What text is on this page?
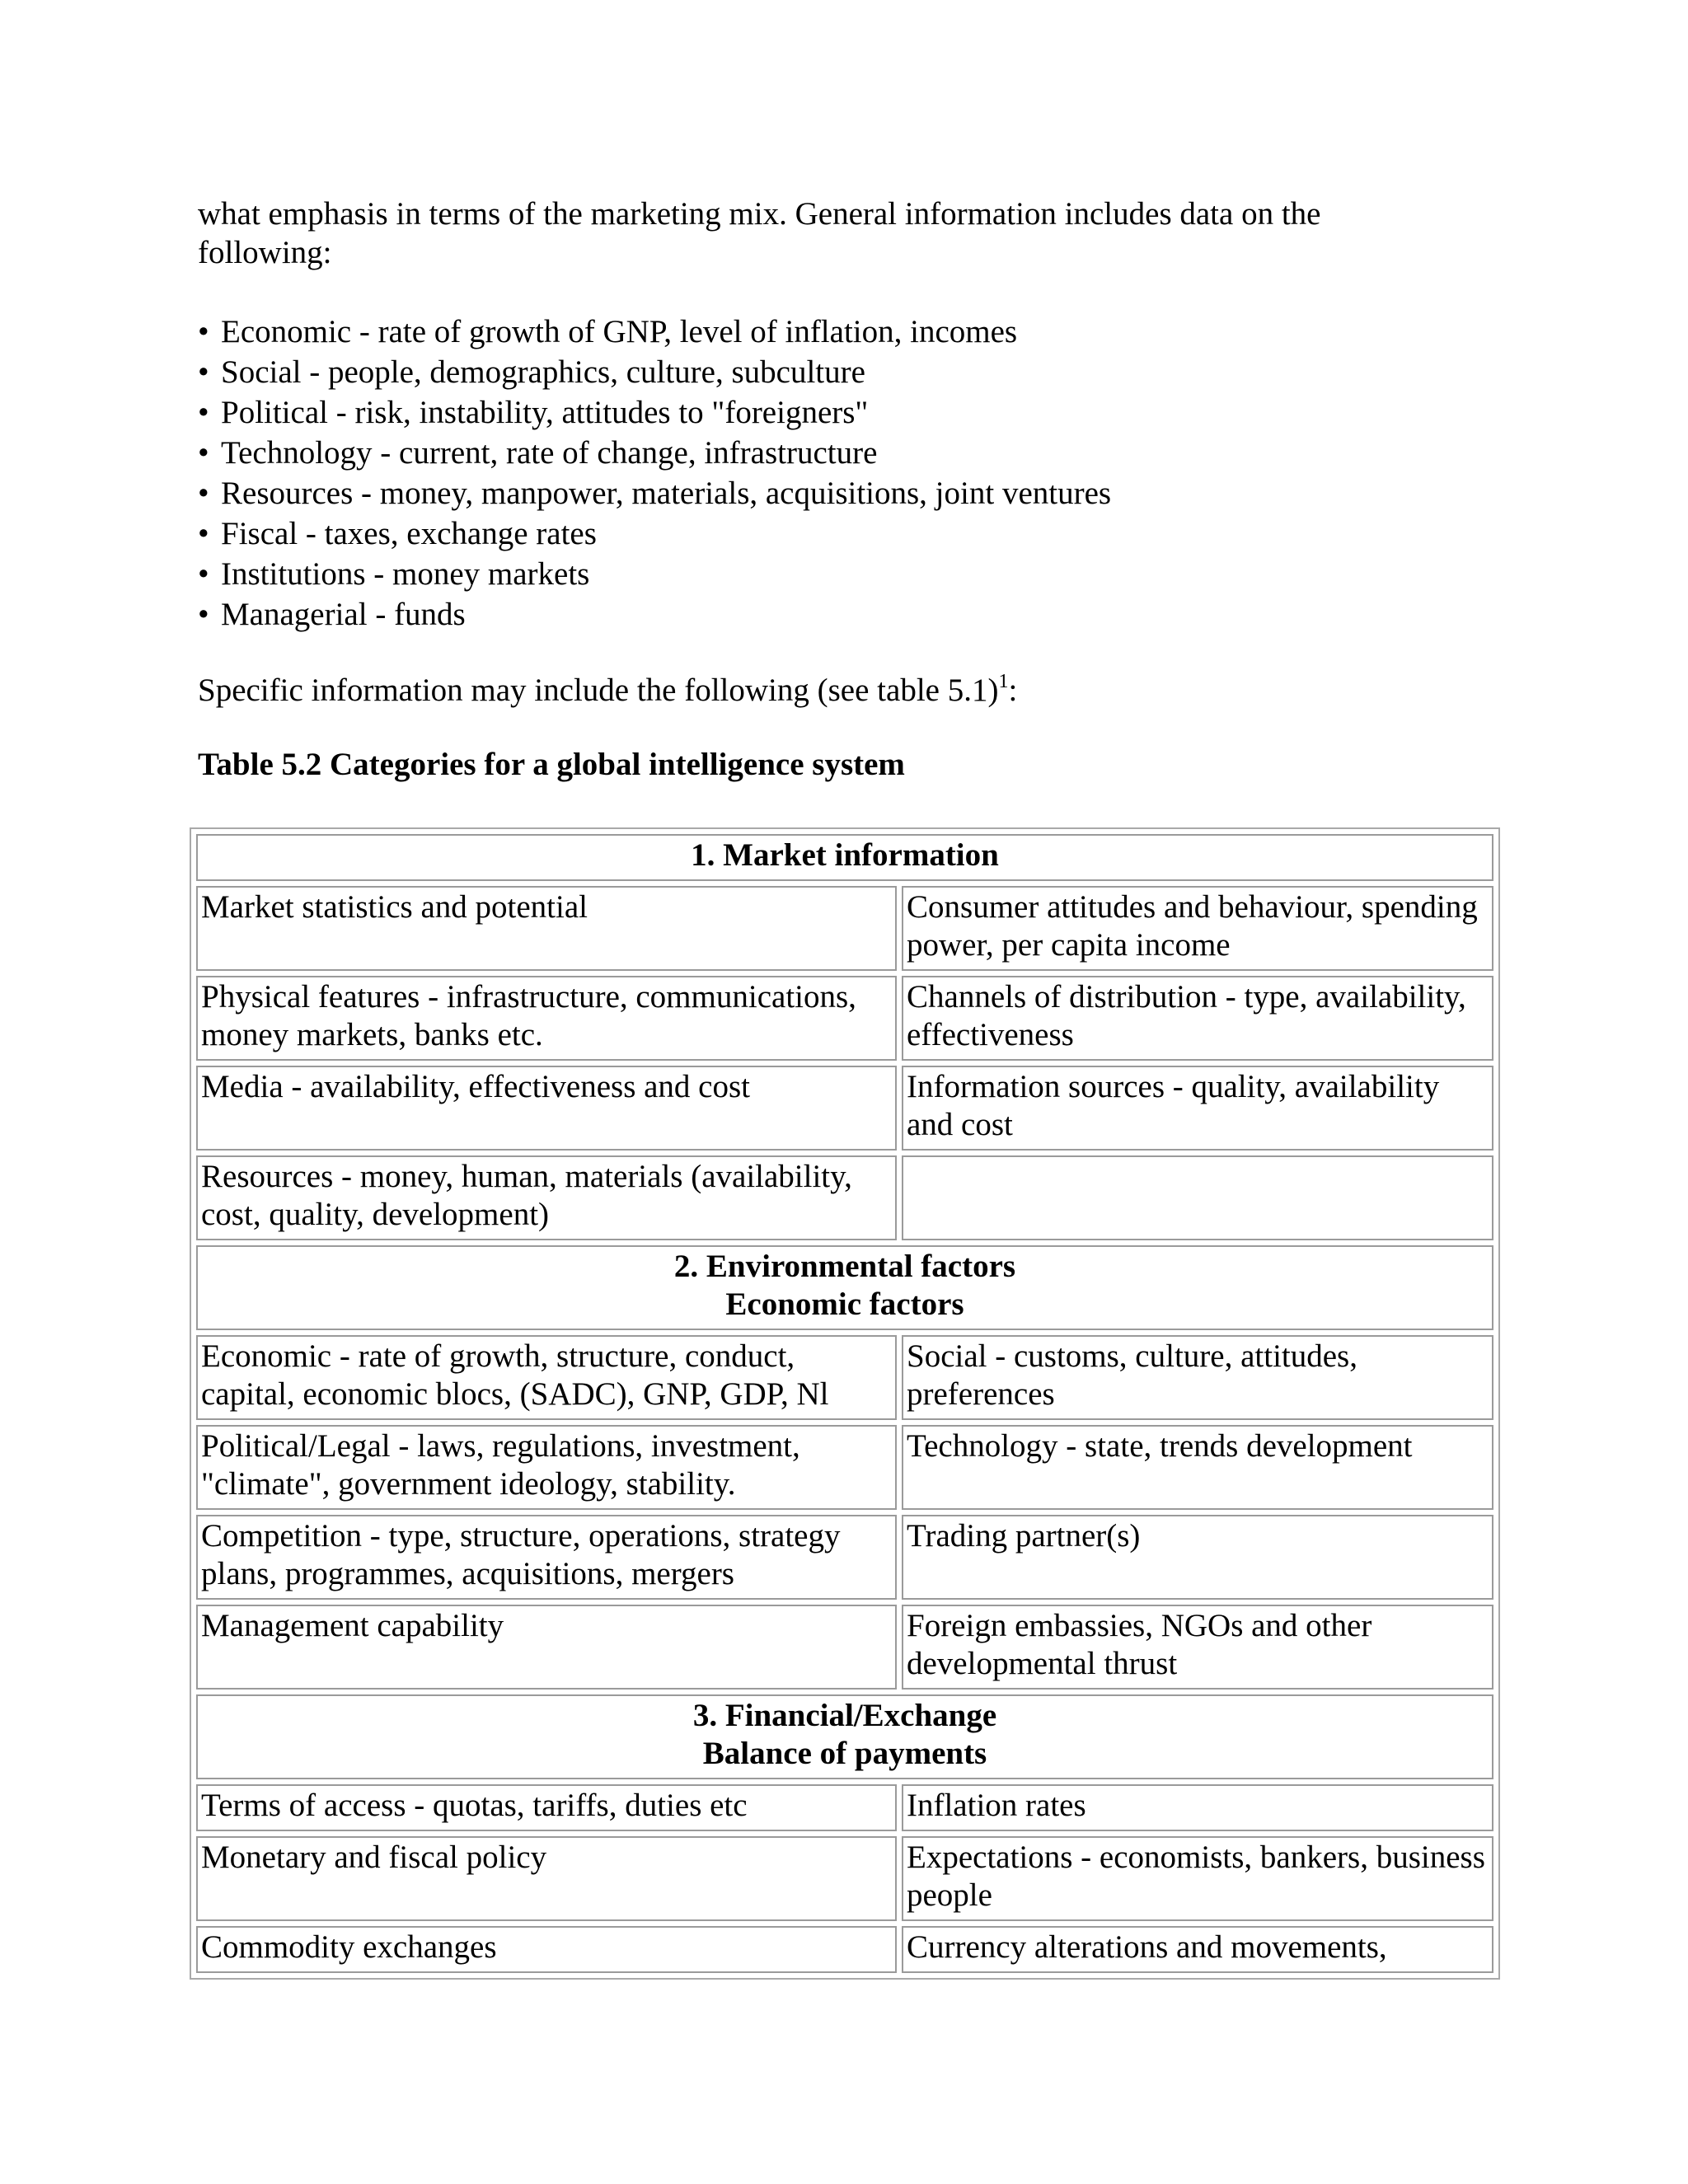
what emphasis in terms of the marketing mix. General information includes data on the following:

• Economic - rate of growth of GNP, level of inflation, incomes
• Social - people, demographics, culture, subculture
• Political - risk, instability, attitudes to "foreigners"
• Technology - current, rate of change, infrastructure
• Resources - money, manpower, materials, acquisitions, joint ventures
• Fiscal - taxes, exchange rates
• Institutions - money markets
• Managerial - funds

Specific information may include the following (see table 5.1)$^1$:

Table 5.2 Categories for a global intelligence system

1. Market information	
Market statistics and potential	Consumer attitudes and behaviour, spending power, per capita income
Physical features - infrastructure, communications, money markets, banks etc.	Channels of distribution - type, availability, effectiveness
Media - availability, effectiveness and cost	Information sources - quality, availability and cost
Resources - money, human, materials (availability, cost, quality, development)	
2. Environmental factors
Economic factors	
Economic - rate of growth, structure, conduct, capital, economic blocs, (SADC), GNP, GDP, Nl	Social - customs, culture, attitudes, preferences
Political/Legal - laws, regulations, investment, "climate", government ideology, stability.	Technology - state, trends development
Competition - type, structure, operations, strategy plans, programmes, acquisitions, mergers	Trading partner(s)
Management capability	Foreign embassies, NGOs and other developmental thrust
3. Financial/Exchange
Balance of payments	
Terms of access - quotas, tariffs, duties etc	Inflation rates
Monetary and fiscal policy	Expectations - economists, bankers, business people
Commodity exchanges	Currency alterations and movements,
